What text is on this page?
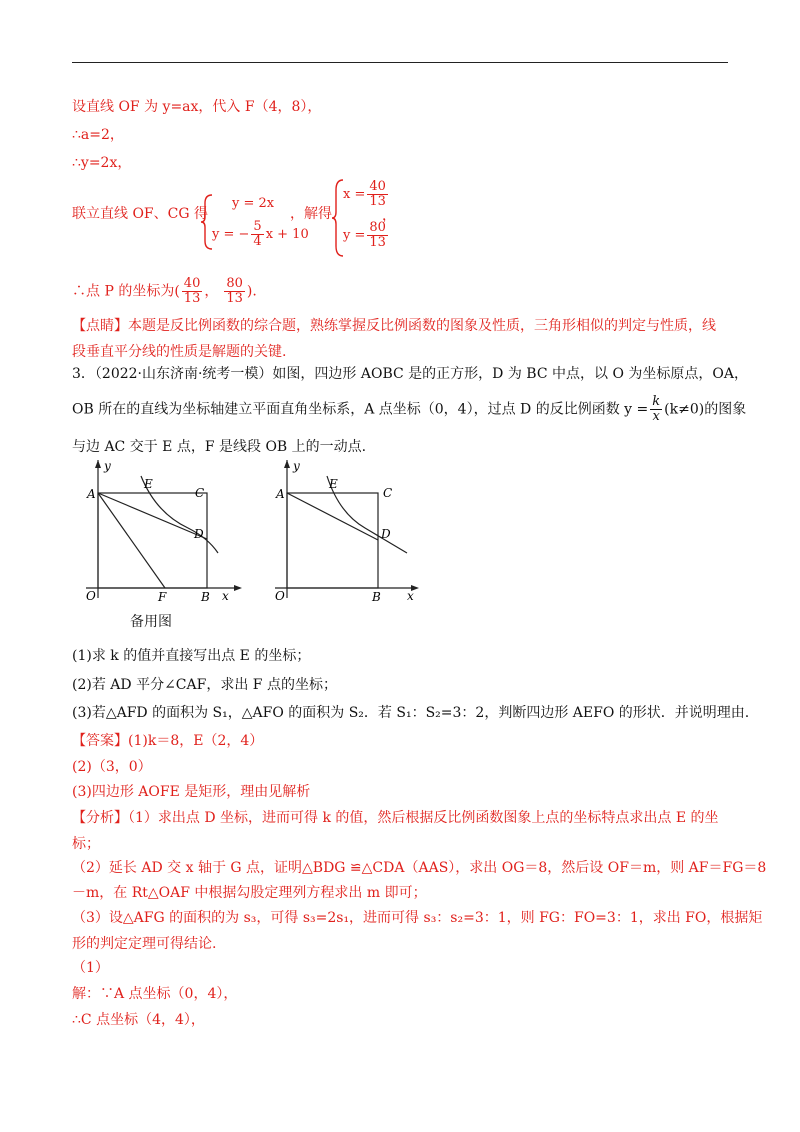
设直线 OF 为 y=ax，代入 F（4，8），
∴a=2，
∴y=2x，
联立直线 OF、CG 得
y = 2x
y = − $\frac{5}{4}$ x + 10
，解得
$x = \frac{40}{13}$
$y = \frac{80}{13}$
，
∴点 P 的坐标为( $\frac{40}{13}$ ， $\frac{80}{13}$ ).
【点睛】本题是反比例函数的综合题，熟练掌握反比例函数的图象及性质，三角形相似的判定与性质，线
段垂直平分线的性质是解题的关键.
3．（2022·山东济南·统考一模）如图，四边形 AOBC 是的正方形，D 为 BC 中点，以 O 为坐标原点，OA，
OB 所在的直线为坐标轴建立平面直角坐标系，A 点坐标（0，4），过点 D 的反比例函数 $y = \frac{k}{x} (k\ne 0)$的图象
与边 AC 交于 E 点，F 是线段 OB 上的一动点.
y
A
E
C
D
O	F	B x
y
A
E
C
D
O	B x
备用图
(1)求 k 的值并直接写出点 E 的坐标；
(2)若 AD 平分∠CAF，求出 F 点的坐标；
(3)若△AFD 的面积为 S₁，△AFO 的面积为 S₂．若 S₁：S₂=3：2，判断四边形 AEFO 的形状．并说明理由.
【答案】(1)k＝8，E（2，4）
(2)（3，0）
(3)四边形 AOFE 是矩形，理由见解析
【分析】（1）求出点 D 坐标，进而可得 k 的值，然后根据反比例函数图象上点的坐标特点求出点 E 的坐
标；
（2）延长 AD 交 x 轴于 G 点，证明△BDG ≌△CDA（AAS），求出 OG＝8，然后设 OF＝m，则 AF＝FG＝8
－m，在 Rt△OAF 中根据勾股定理列方程求出 m 即可；
（3）设△AFG 的面积的为 s₃，可得 s₃=2s₁，进而可得 s₃：s₂=3：1，则 FG：FO=3：1，求出 FO，根据矩
形的判定定理可得结论.
（1）
解：∵A 点坐标（0，4），
∴C 点坐标（4，4），
